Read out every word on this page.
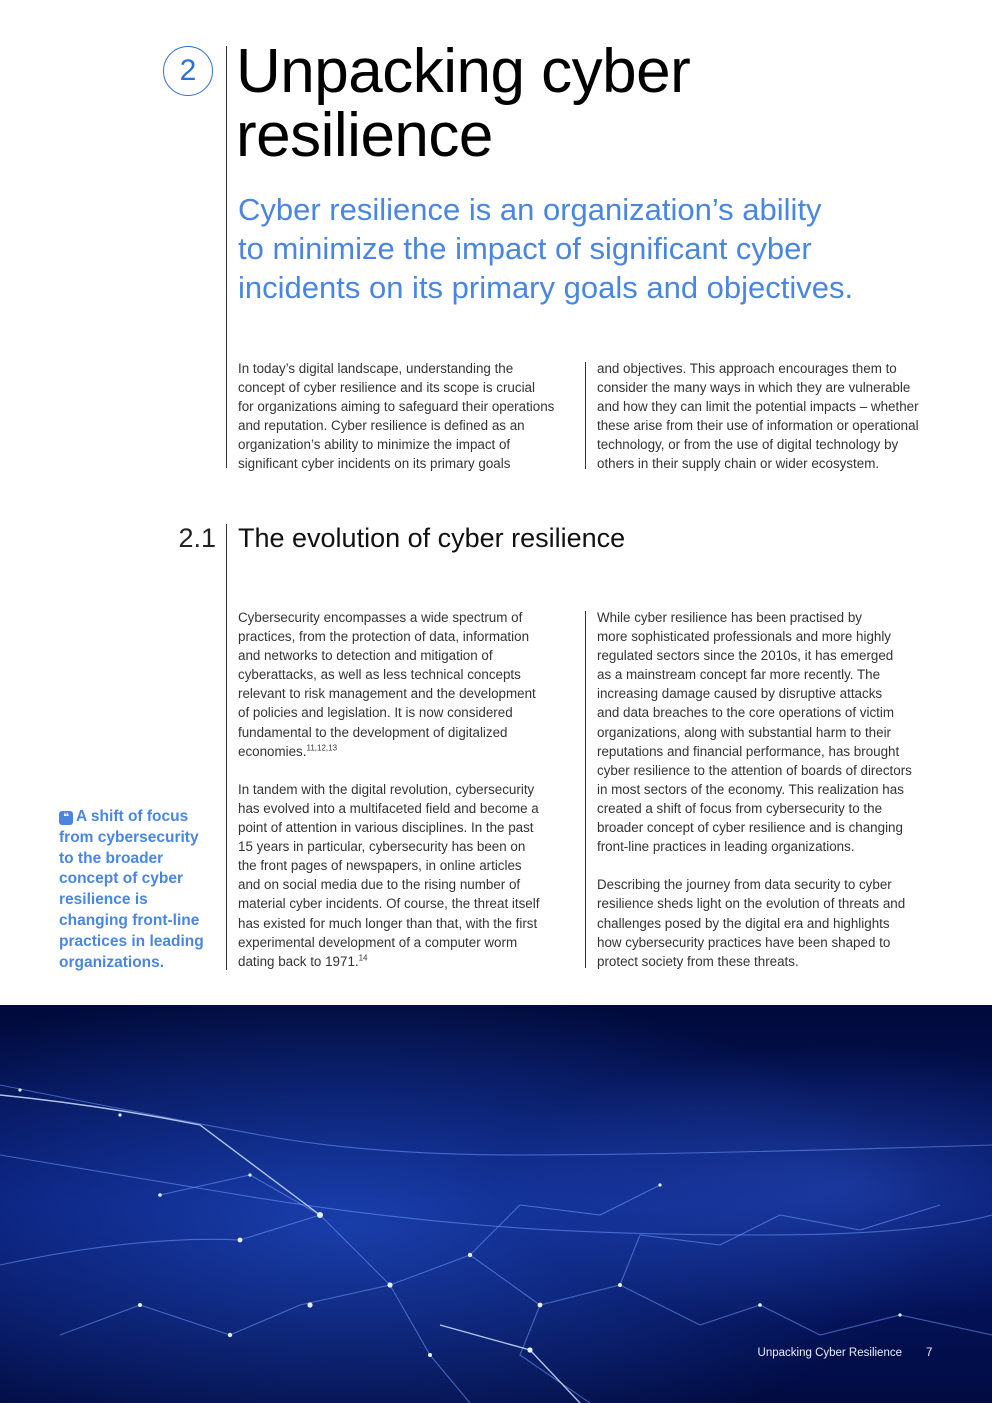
2 Unpacking cyber
resilience
Cyber resilience is an organization’s ability
to minimize the impact of significant cyber
incidents on its primary goals and objectives.

In today’s digital landscape, understanding the

concept of cyber resilience and its scope is crucial

for organizations aiming to safeguard their operations

and reputation. Cyber resilience is defined as an

organization’s ability to minimize the impact of

significant cyber incidents on its primary goals

and objectives. This approach encourages them to

consider the many ways in which they are vulnerable

and how they can limit the potential impacts – whether

these arise from their use of information or operational

technology, or from the use of digital technology by

others in their supply chain or wider ecosystem.

2.1 The evolution of cyber resilience
❝ A shift of focus
from cybersecurity
to the broader
concept of cyber
resilience is
changing front-line
practices in leading
organizations.

Cybersecurity encompasses a wide spectrum of

practices, from the protection of data, information

and networks to detection and mitigation of

cyberattacks, as well as less technical concepts

relevant to risk management and the development

of policies and legislation. It is now considered

fundamental to the development of digitalized

economies.$^{11,12,13}$

In tandem with the digital revolution, cybersecurity

has evolved into a multifaceted field and become a

point of attention in various disciplines. In the past

15 years in particular, cybersecurity has been on

the front pages of newspapers, in online articles

and on social media due to the rising number of

material cyber incidents. Of course, the threat itself

has existed for much longer than that, with the first

experimental development of a computer worm

dating back to 1971.14

While cyber resilience has been practised by

more sophisticated professionals and more highly

regulated sectors since the 2010s, it has emerged

as a mainstream concept far more recently. The

increasing damage caused by disruptive attacks

and data breaches to the core operations of victim

organizations, along with substantial harm to their

reputations and financial performance, has brought

cyber resilience to the attention of boards of directors

in most sectors of the economy. This realization has

created a shift of focus from cybersecurity to the

broader concept of cyber resilience and is changing

front-line practices in leading organizations.

Describing the journey from data security to cyber

resilience sheds light on the evolution of threats and

challenges posed by the digital era and highlights

how cybersecurity practices have been shaped to

protect society from these threats.

Unpacking Cyber Resilience 7
